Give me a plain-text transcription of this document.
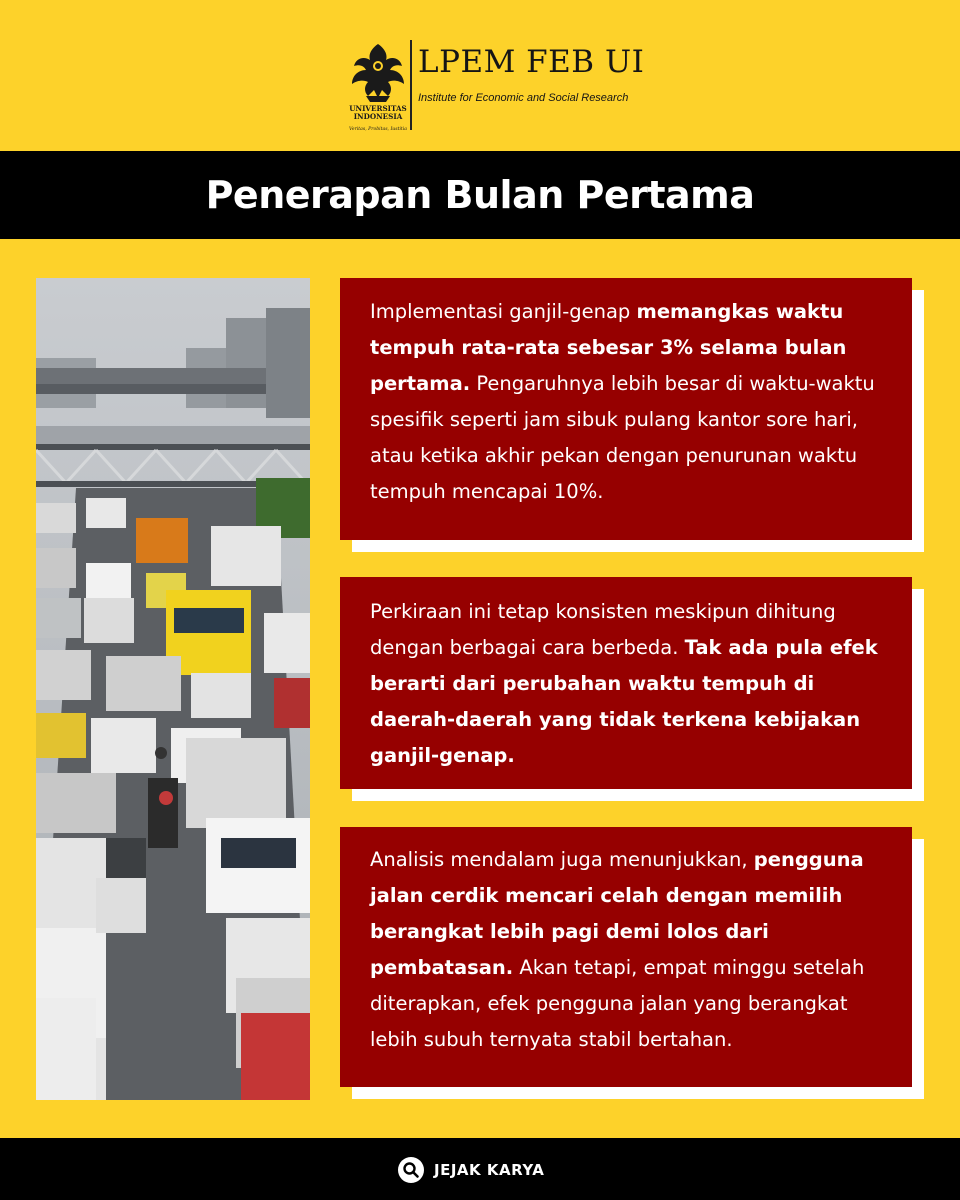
UNIVERSITAS
INDONESIA
Veritas, Probitas, Iustitia
LPEM FEB UI
Institute for Economic and Social Research
Penerapan Bulan Pertama

Implementasi ganjil-genap memangkas waktu tempuh rata-rata sebesar 3% selama bulan pertama. Pengaruhnya lebih besar di waktu-waktu spesifik seperti jam sibuk pulang kantor sore hari, atau ketika akhir pekan dengan penurunan waktu tempuh mencapai 10%.

Perkiraan ini tetap konsisten meskipun dihitung dengan berbagai cara berbeda. Tak ada pula efek berarti dari perubahan waktu tempuh di daerah-daerah yang tidak terkena kebijakan ganjil-genap.

Analisis mendalam juga menunjukkan, pengguna jalan cerdik mencari celah dengan memilih berangkat lebih pagi demi lolos dari pembatasan. Akan tetapi, empat minggu setelah diterapkan, efek pengguna jalan yang berangkat lebih subuh ternyata stabil bertahan.

JEJAK KARYA
